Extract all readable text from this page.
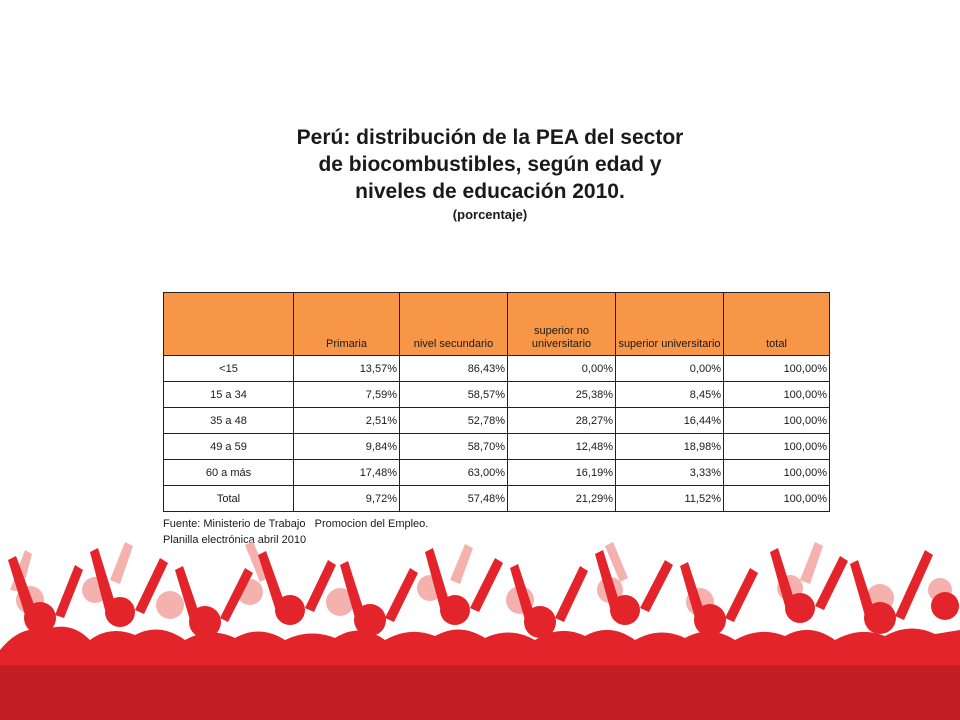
Perú: distribución de la PEA del sector
de biocombustibles, según edad y
niveles de educación 2010.
(porcentaje)
	Primaria	nivel secundario	superior no universitario	superior universitario	total
<15	13,57%	86,43%	0,00%	0,00%	100,00%
15 a 34	7,59%	58,57%	25,38%	8,45%	100,00%
35 a 48	2,51%	52,78%	28,27%	16,44%	100,00%
49 a 59	9,84%	58,70%	12,48%	18,98%	100,00%
60 a más	17,48%	63,00%	16,19%	3,33%	100,00%
Total	9,72%	57,48%	21,29%	11,52%	100,00%
Fuente: Ministerio de Trabajo   Promocion del Empleo.
Planilla electrónica abril 2010
